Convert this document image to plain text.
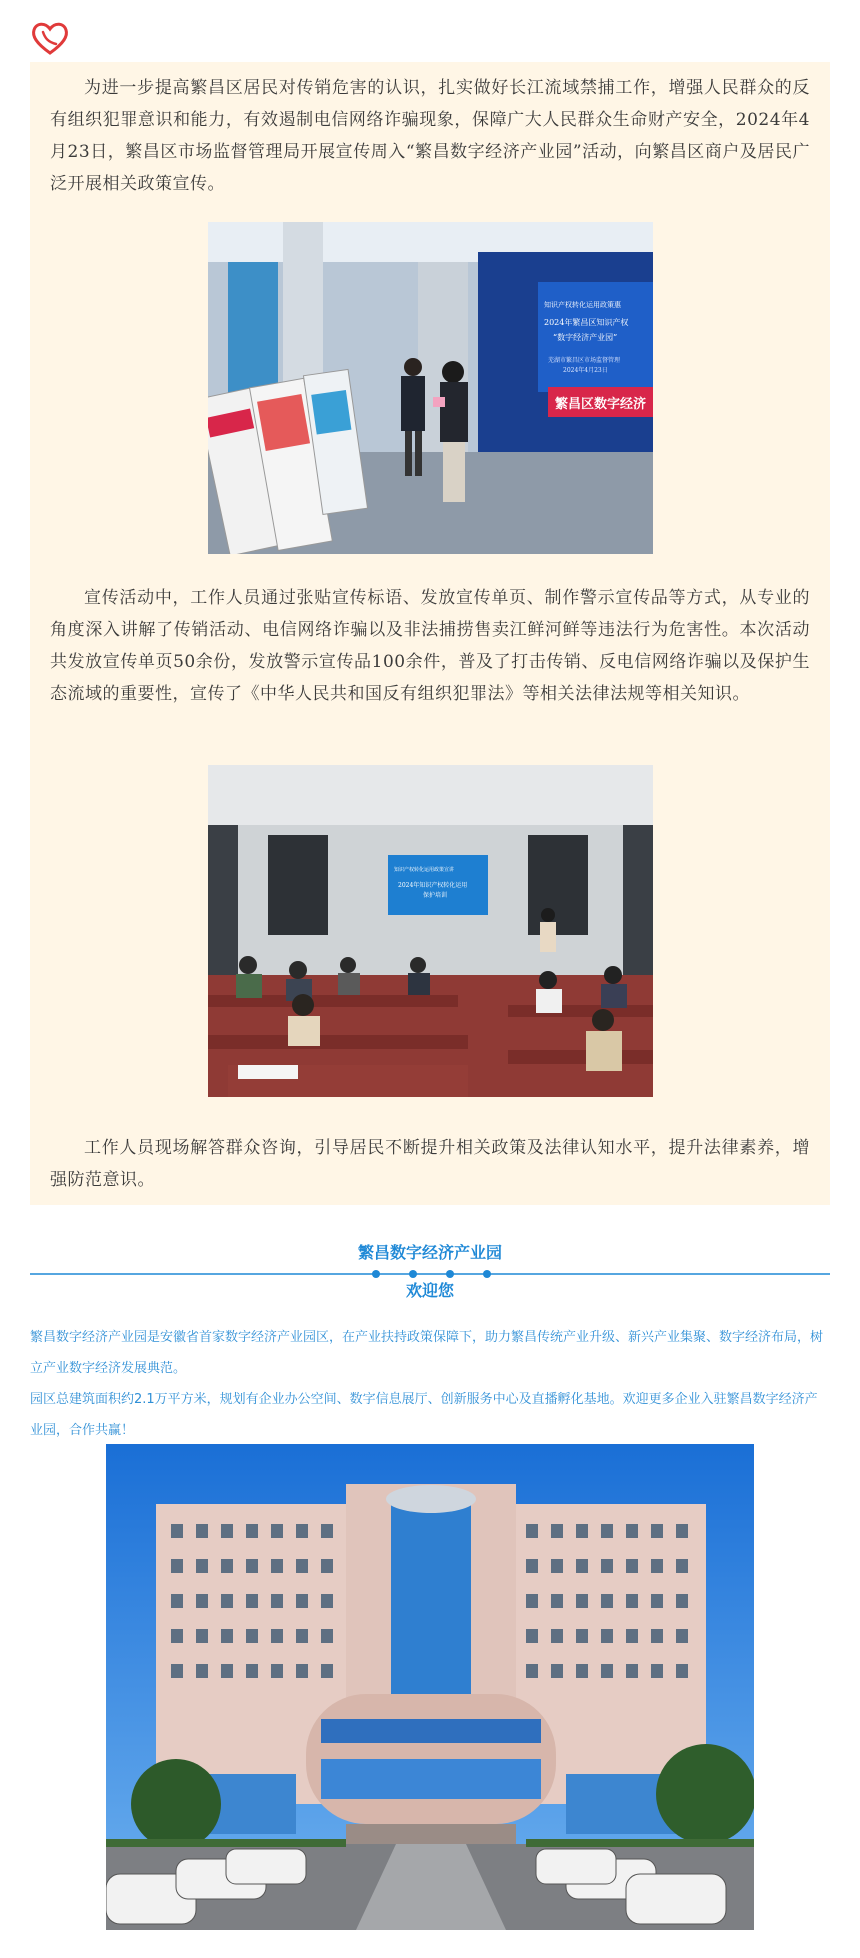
为进一步提高繁昌区居民对传销危害的认识，扎实做好长江流域禁捕工作，增强人民群众的反有组织犯罪意识和能力，有效遏制电信网络诈骗现象，保障广大人民群众生命财产安全，2024年4月23日，繁昌区市场监督管理局开展宣传周入“繁昌数字经济产业园”活动，向繁昌区商户及居民广泛开展相关政策宣传。

知识产权转化运用政策惠
2024年繁昌区知识产权
“数字经济产业园”
芜湖市繁昌区市场监督管理
2024年4月23日
繁昌区数字经济

宣传活动中，工作人员通过张贴宣传标语、发放宣传单页、制作警示宣传品等方式，从专业的角度深入讲解了传销活动、电信网络诈骗以及非法捕捞售卖江鲜河鲜等违法行为危害性。本次活动共发放宣传单页50余份，发放警示宣传品100余件，普及了打击传销、反电信网络诈骗以及保护生态流域的重要性，宣传了《中华人民共和国反有组织犯罪法》等相关法律法规等相关知识。

知识产权转化运用政策宣讲
2024年知识产权转化运用
保护培训

工作人员现场解答群众咨询，引导居民不断提升相关政策及法律认知水平，提升法律素养，增强防范意识。

繁昌数字经济产业园
欢迎您

繁昌数字经济产业园是安徽省首家数字经济产业园区，在产业扶持政策保障下，助力繁昌传统产业升级、新兴产业集聚、数字经济布局，树立产业数字经济发展典范。

园区总建筑面积约2.1万平方米，规划有企业办公空间、数字信息展厅、创新服务中心及直播孵化基地。欢迎更多企业入驻繁昌数字经济产业园，合作共赢！
